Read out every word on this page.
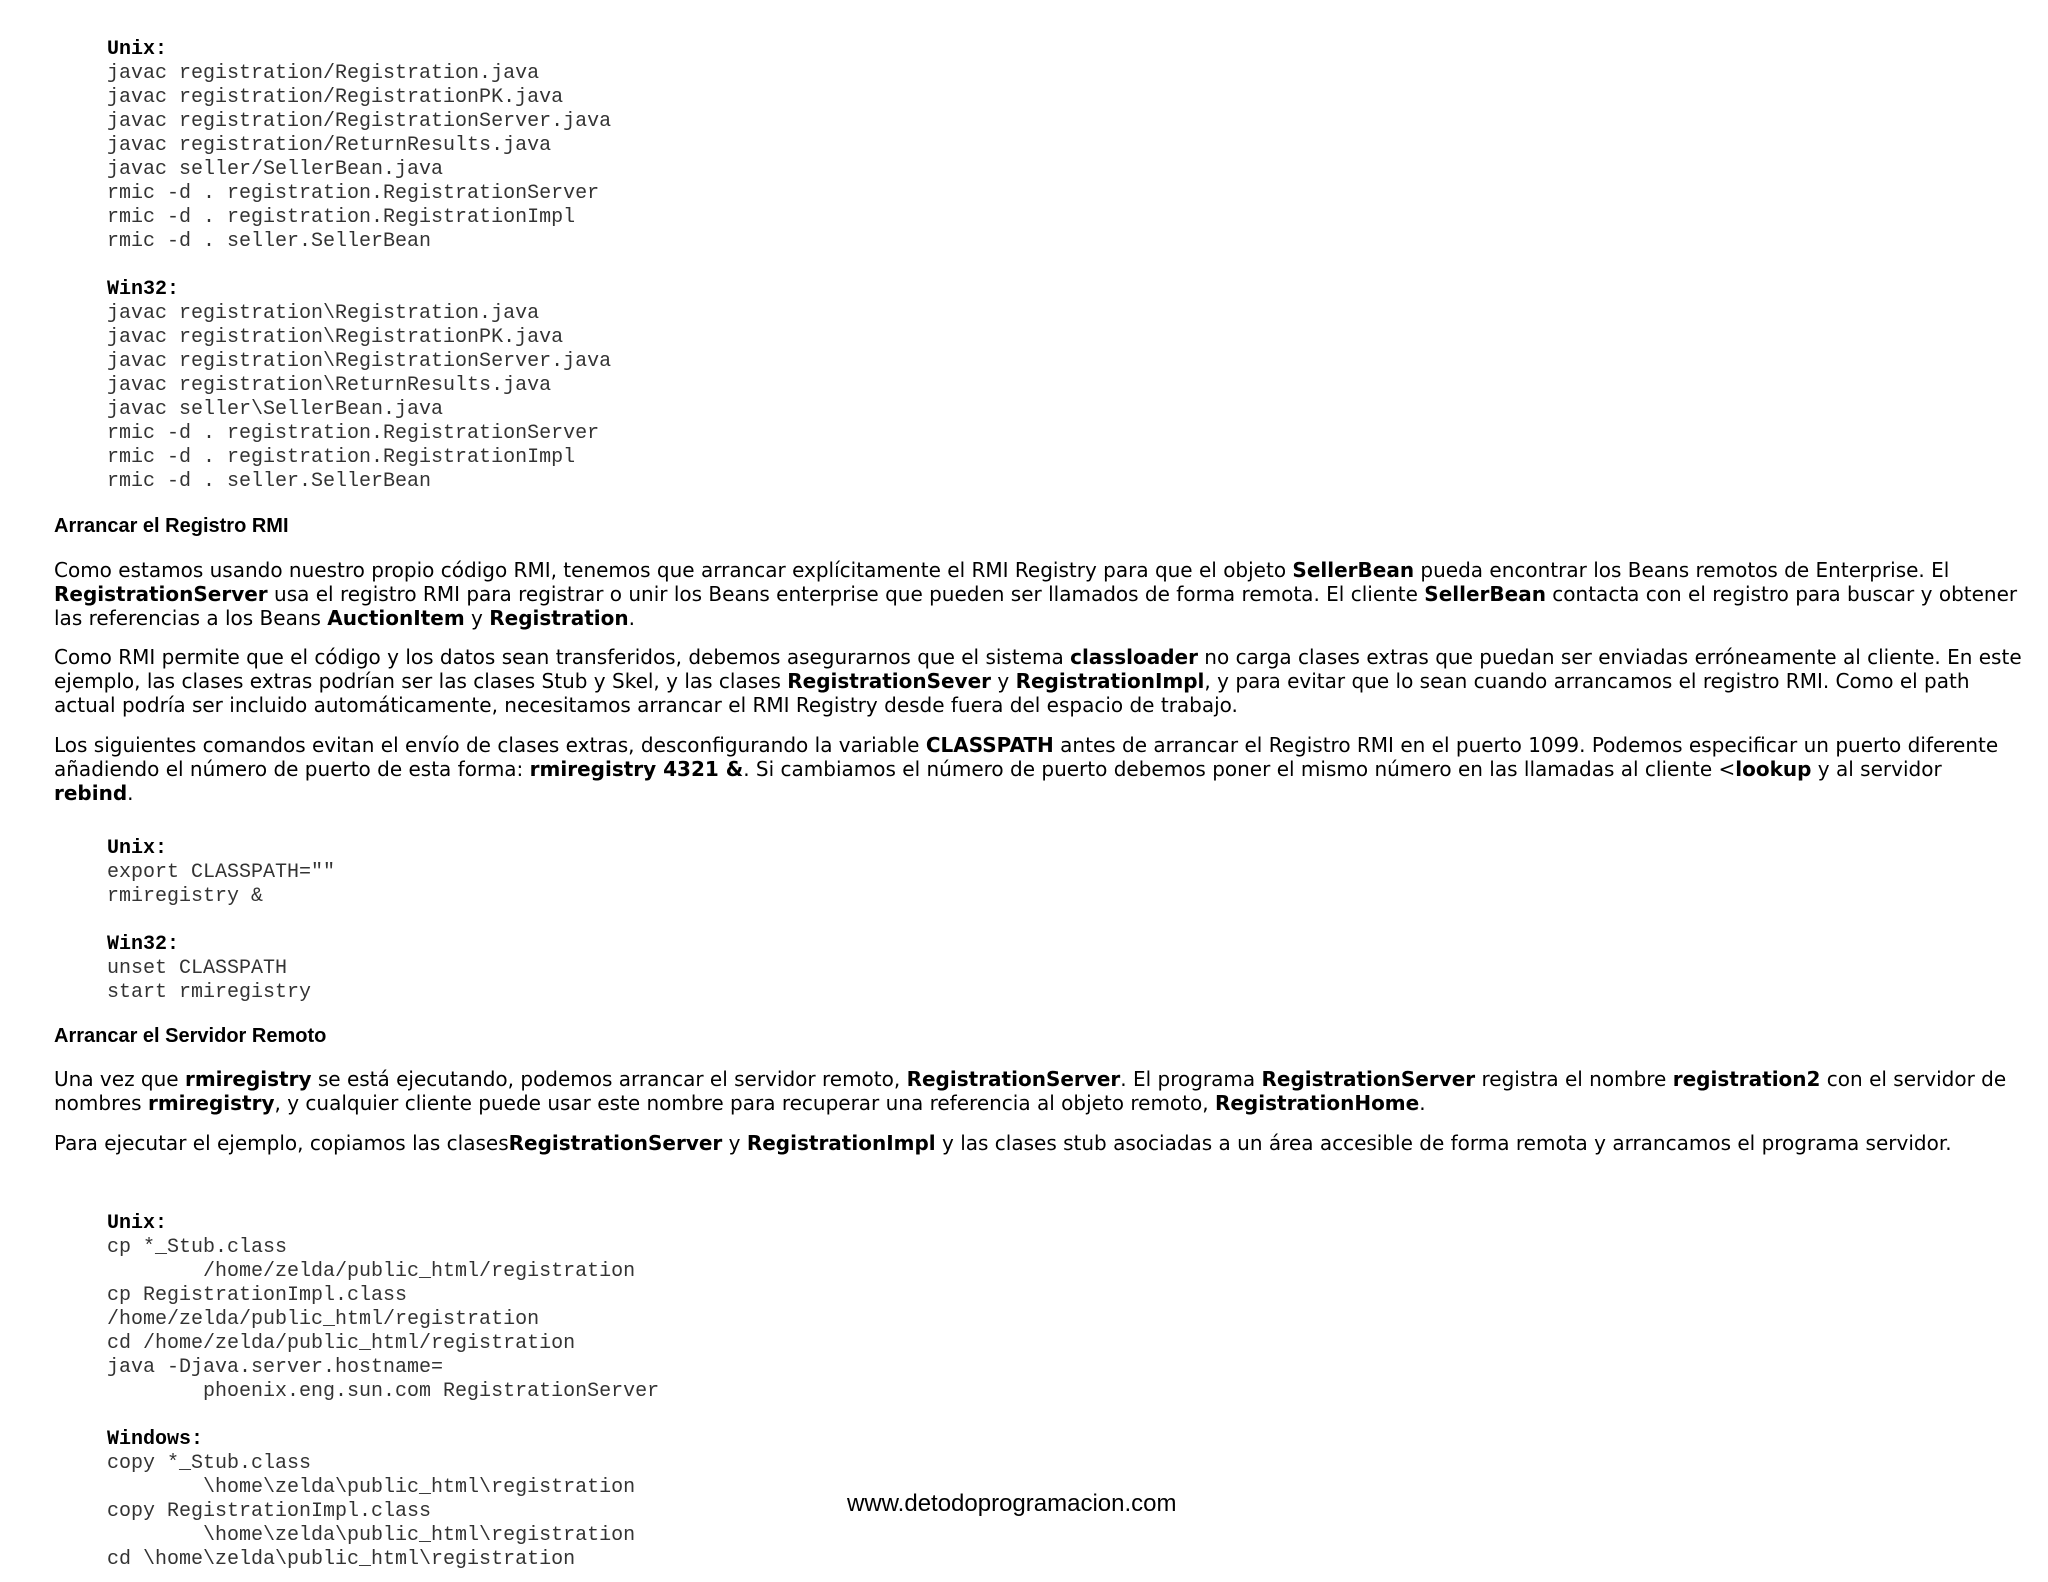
Unix:
javac registration/Registration.java
javac registration/RegistrationPK.java
javac registration/RegistrationServer.java
javac registration/ReturnResults.java
javac seller/SellerBean.java
rmic -d . registration.RegistrationServer
rmic -d . registration.RegistrationImpl
rmic -d . seller.SellerBean
Win32:
javac registration\Registration.java
javac registration\RegistrationPK.java
javac registration\RegistrationServer.java
javac registration\ReturnResults.java
javac seller\SellerBean.java
rmic -d . registration.RegistrationServer
rmic -d . registration.RegistrationImpl
rmic -d . seller.SellerBean
Arrancar el Registro RMI

Como estamos usando nuestro propio código RMI, tenemos que arrancar explícitamente el RMI Registry para que el objeto SellerBean pueda encontrar los Beans remotos de Enterprise. El RegistrationServer usa el registro RMI para registrar o unir los Beans enterprise que pueden ser llamados de forma remota. El cliente SellerBean contacta con el registro para buscar y obtener las referencias a los Beans AuctionItem y Registration.

Como RMI permite que el código y los datos sean transferidos, debemos asegurarnos que el sistema classloader no carga clases extras que puedan ser enviadas erróneamente al cliente. En este ejemplo, las clases extras podrían ser las clases Stub y Skel, y las clases RegistrationSever y RegistrationImpl, y para evitar que lo sean cuando arrancamos el registro RMI. Como el path actual podría ser incluido automáticamente, necesitamos arrancar el RMI Registry desde fuera del espacio de trabajo.

Los siguientes comandos evitan el envío de clases extras, desconfigurando la variable CLASSPATH antes de arrancar el Registro RMI en el puerto 1099. Podemos especificar un puerto diferente añadiendo el número de puerto de esta forma: rmiregistry 4321 &. Si cambiamos el número de puerto debemos poner el mismo número en las llamadas al cliente <lookup y al servidor rebind.

Unix:
export CLASSPATH=""
rmiregistry &
Win32:
unset CLASSPATH
start rmiregistry
Arrancar el Servidor Remoto

Una vez que rmiregistry se está ejecutando, podemos arrancar el servidor remoto, RegistrationServer. El programa RegistrationServer registra el nombre registration2 con el servidor de nombres rmiregistry, y cualquier cliente puede usar este nombre para recuperar una referencia al objeto remoto, RegistrationHome.

Para ejecutar el ejemplo, copiamos las clasesRegistrationServer y RegistrationImpl y las clases stub asociadas a un área accesible de forma remota y arrancamos el programa servidor.

Unix:
cp *_Stub.class
/home/zelda/public_html/registration
cp RegistrationImpl.class
/home/zelda/public_html/registration
cd /home/zelda/public_html/registration
java -Djava.server.hostname=
phoenix.eng.sun.com RegistrationServer
Windows:
copy *_Stub.class
\home\zelda\public_html\registration
copy RegistrationImpl.class
\home\zelda\public_html\registration
cd \home\zelda\public_html\registration
www.detodoprogramacion.com
